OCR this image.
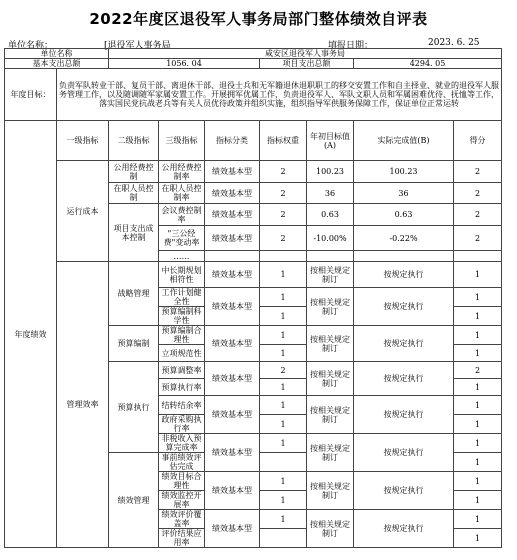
2022年度区退役军人事务局部门整体绩效自评表
单位名称：	[退役军人事务局	填报日期：	2023. 6. 25
单位名称		咸安区退役军人事务局						
基本支出总额		1056. 04			项目支出总额		4294. 05	
年度目标：	负责军队转业干部、复员干部、离退休干部、退役士兵和无军籍退休退职职工的移交安置工作和自主择业、就业的退役军人服务管理工作，以及随调随军家属安置工作。开展拥军优属工作，负责退役军人、军队文职人员和军属困难优待、抚恤等工作，落实国民党抗战老兵等有关人员优待政策并组织实施，组织指导军供服务保障工作，保证单位正常运转							
年度绩效	一级指标	二级指标	三级指标	指标分类	指标权重	年初目标值(A)	实际完成值(B)	得分
	运行成本	公用经费控制	公用经费控 制率	绩效基本型	2	100.23	100.23	2
		在职人员控制	在职人员控 制率	绩效基本型	2	36	36	2
		项目支出成本控制	会议费控制 率	绩效基本型	2	0.63	0.63	2
			"三公经费"变动率	绩效基本型	2	-10.00%	-0.22%	2
			……					
	管理效率	战略管理	中长期规划 相符性	绩效基本型	1	按相关规定制订	按规定执行	1
			工作计划健 全性	绩效基本型	1	按相关规定制订	按规定执行	1
			预算编制科 学性		1			1
		预算编制	预算编制合 理性	绩效基本型	1	按相关规定制订	按规定执行	1
			立项规范性		1			1
		预算执行	预算调整率	绩效基本型	2	按相关规定制订	按规定执行	2
			预算执行率		1			1
			结转结余率	绩效基本型	1	按相关规定制订	按规定执行	1
			政府采购执 行率		1			1
			非税收入预算完成率	绩效基本型	1	按相关规定制订	按规定执行	1
		绩效管理	事前绩效评估完成					1
			绩效目标合 理性	绩效基本型	1	按相关规定制订	按规定执行	1
			绩效监控开 展率		1			1
			绩效评价覆 盖率	绩效基本型	1	按相关规定制订	按规定执行	1
			评价结果应 用率					1
